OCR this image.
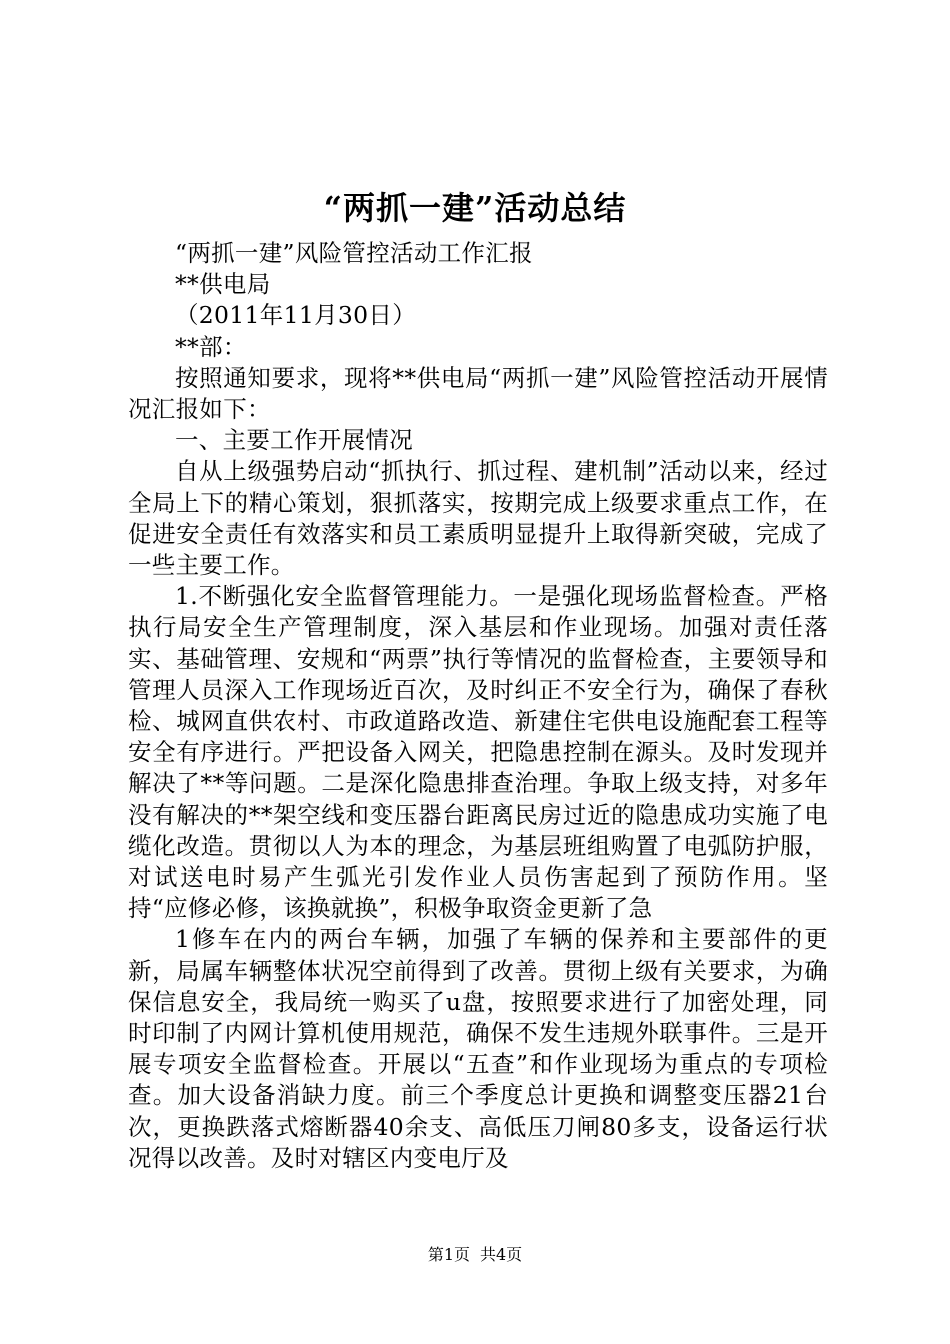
“两抓一建”活动总结

“两抓一建”风险管控活动工作汇报

**供电局

（2011年11月30日）

**部：

按照通知要求，现将**供电局“两抓一建”风险管控活动开展情况汇报如下：

一、主要工作开展情况

自从上级强势启动“抓执行、抓过程、建机制”活动以来，经过全局上下的精心策划，狠抓落实，按期完成上级要求重点工作，在促进安全责任有效落实和员工素质明显提升上取得新突破，完成了一些主要工作。

1.不断强化安全监督管理能力。一是强化现场监督检查。严格执行局安全生产管理制度，深入基层和作业现场。加强对责任落实、基础管理、安规和“两票”执行等情况的监督检查，主要领导和管理人员深入工作现场近百次，及时纠正不安全行为，确保了春秋检、城网直供农村、市政道路改造、新建住宅供电设施配套工程等安全有序进行。严把设备入网关，把隐患控制在源头。及时发现并解决了**等问题。二是深化隐患排查治理。争取上级支持，对多年没有解决的**架空线和变压器台距离民房过近的隐患成功实施了电缆化改造。贯彻以人为本的理念，为基层班组购置了电弧防护服，对试送电时易产生弧光引发作业人员伤害起到了预防作用。坚持“应修必修，该换就换”，积极争取资金更新了急

1修车在内的两台车辆，加强了车辆的保养和主要部件的更新，局属车辆整体状况空前得到了改善。贯彻上级有关要求，为确保信息安全，我局统一购买了u盘，按照要求进行了加密处理，同时印制了内网计算机使用规范，确保不发生违规外联事件。三是开展专项安全监督检查。开展以“五查”和作业现场为重点的专项检查。加大设备消缺力度。前三个季度总计更换和调整变压器21台次，更换跌落式熔断器40余支、高低压刀闸80多支，设备运行状况得以改善。及时对辖区内变电厅及

第1页 共4页
